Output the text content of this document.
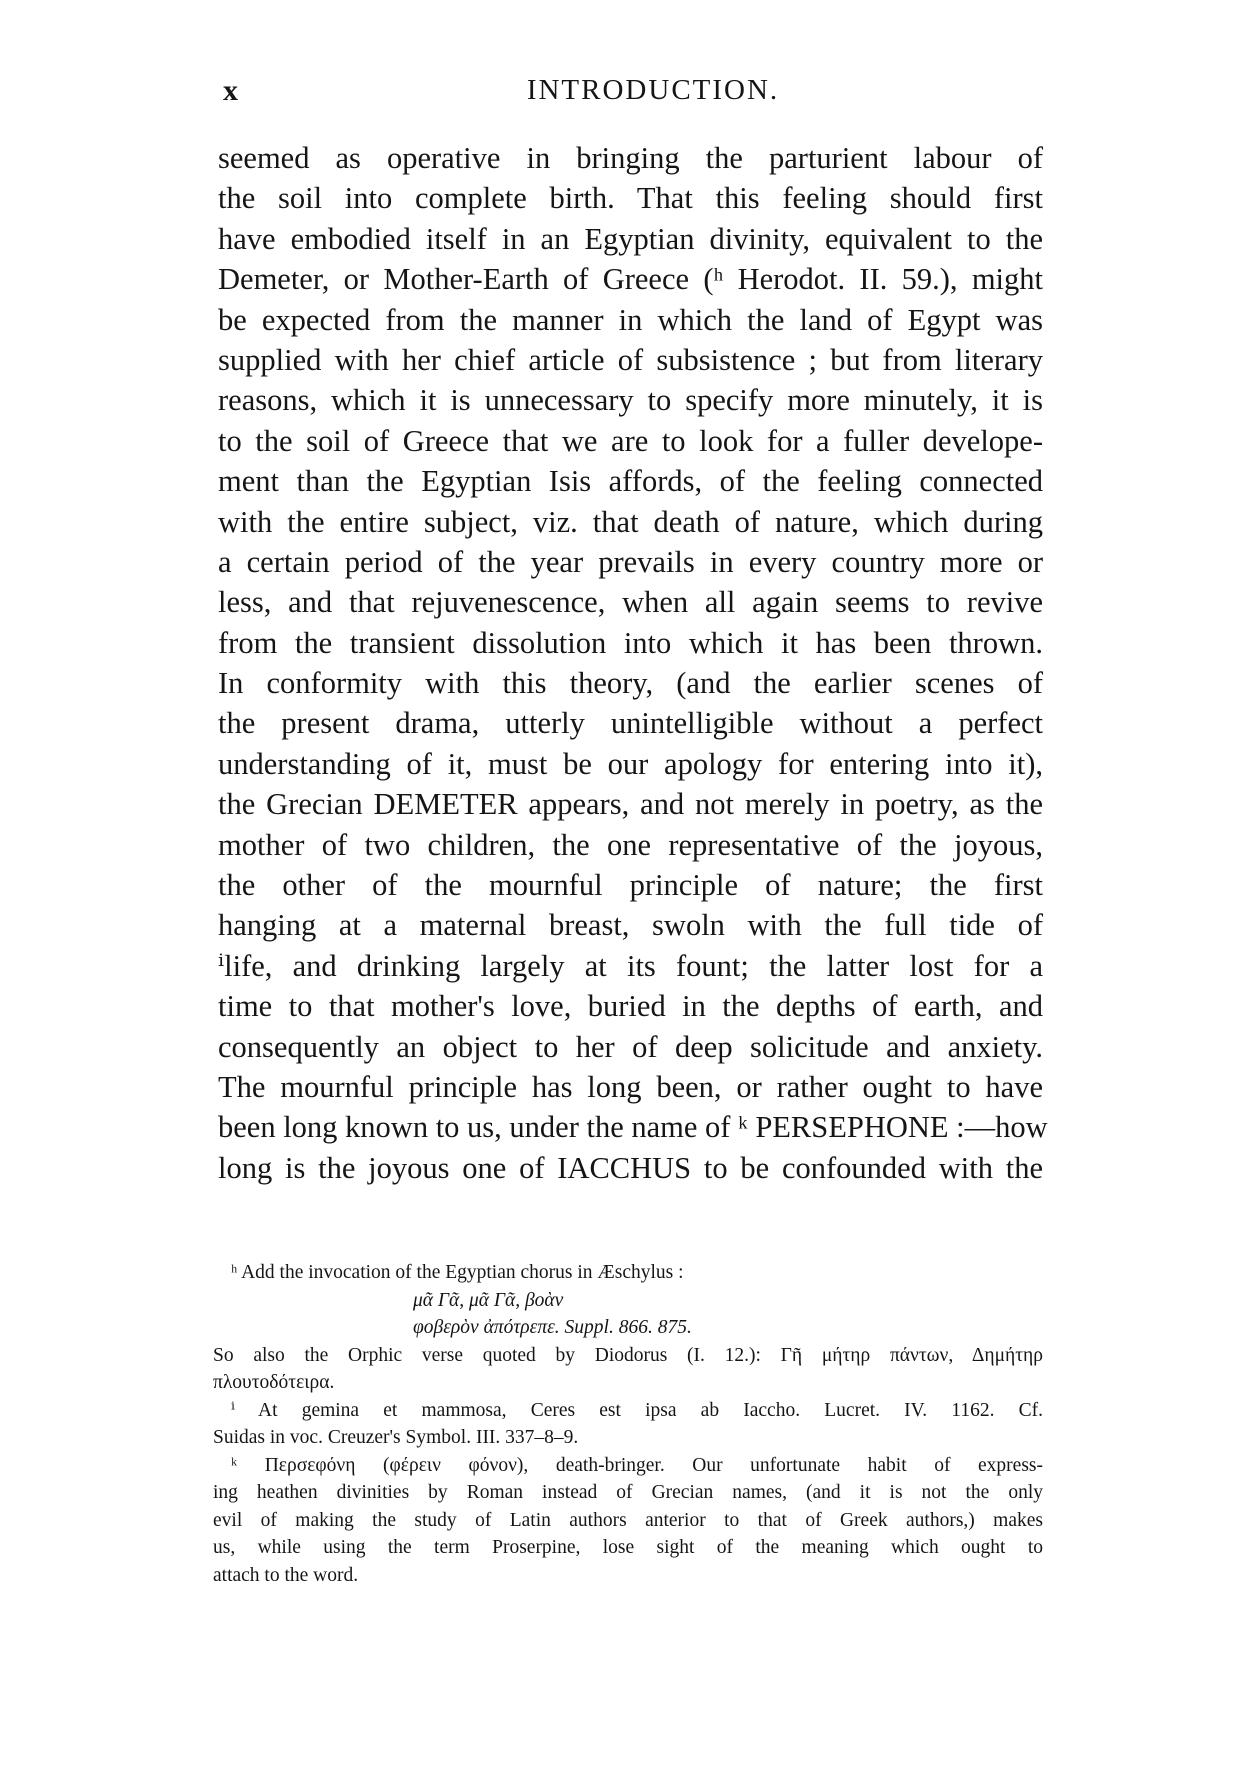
x	INTRODUCTION.
seemed as operative in bringing the parturient labour of
the soil into complete birth. That this feeling should first
have embodied itself in an Egyptian divinity, equivalent to the
Demeter, or Mother-Earth of Greece (ʰ Herodot. II. 59.), might
be expected from the manner in which the land of Egypt was
supplied with her chief article of subsistence ; but from literary
reasons, which it is unnecessary to specify more minutely, it is
to the soil of Greece that we are to look for a fuller develope-
ment than the Egyptian Isis affords, of the feeling connected
with the entire subject, viz. that death of nature, which during
a certain period of the year prevails in every country more or
less, and that rejuvenescence, when all again seems to revive
from the transient dissolution into which it has been thrown.
In conformity with this theory, (and the earlier scenes of
the present drama, utterly unintelligible without a perfect
understanding of it, must be our apology for entering into it),
the Grecian DEMETER appears, and not merely in poetry, as the
mother of two children, the one representative of the joyous,
the other of the mournful principle of nature; the first
hanging at a maternal breast, swoln with the full tide of
ⁱlife, and drinking largely at its fount; the latter lost for a
time to that mother's love, buried in the depths of earth, and
consequently an object to her of deep solicitude and anxiety.
The mournful principle has long been, or rather ought to have
been long known to us, under the name of ᵏ PERSEPHONE :—how
long is the joyous one of IACCHUS to be confounded with the
ʰ Add the invocation of the Egyptian chorus in Æschylus :
μᾶ Γᾶ, μᾶ Γᾶ, βοὰν
φοβερὸν ἀπότρεπε. Suppl. 866. 875.
So also the Orphic verse quoted by Diodorus (I. 12.): Γῆ μήτηρ πάντων, Δημήτηρ
πλουτοδότειρα.
ⁱ At gemina et mammosa, Ceres est ipsa ab Iaccho. Lucret. IV. 1162. Cf.
Suidas in voc. Creuzer's Symbol. III. 337–8–9.
ᵏ Περσεφόνη (φέρειν φόνον), death-bringer. Our unfortunate habit of express-
ing heathen divinities by Roman instead of Grecian names, (and it is not the only
evil of making the study of Latin authors anterior to that of Greek authors,) makes
us, while using the term Proserpine, lose sight of the meaning which ought to
attach to the word.
